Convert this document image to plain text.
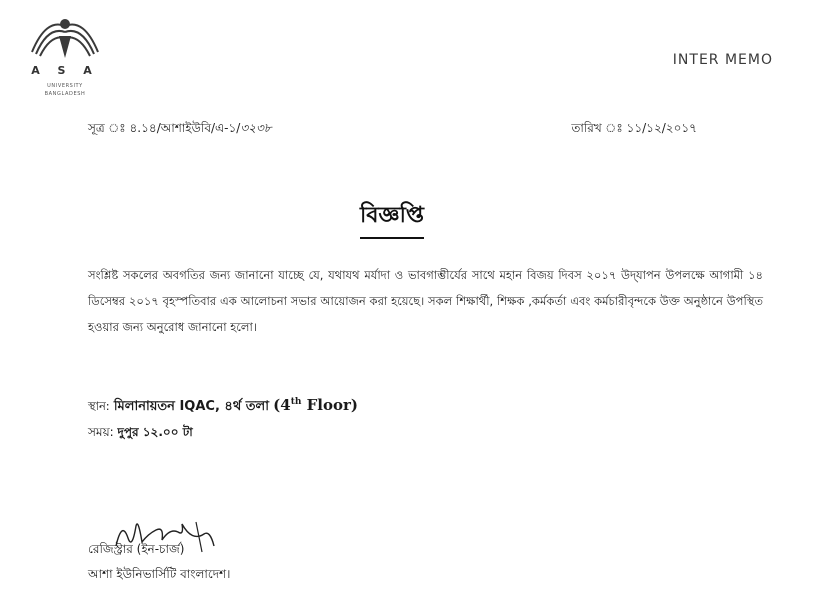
A S A
UNIVERSITY
BANGLADESH
INTER MEMO
সূত্র ঃ ৪.১৪/আশাইউবি/এ-১/৩২৩৮	তারিখ ঃ ১১/১২/২০১৭
বিজ্ঞপ্তি
সংশ্লিষ্ট সকলের অবগতির জন্য জানানো যাচ্ছে যে, যথাযথ মর্যাদা ও ভাবগাম্ভীর্যের সাথে মহান বিজয় দিবস ২০১৭ উদ্‌যাপন উপলক্ষে আগামী ১৪ ডিসেম্বর ২০১৭ বৃহস্পতিবার এক আলোচনা সভার আয়োজন করা হয়েছে। সকল শিক্ষার্থী, শিক্ষক ,কর্মকর্তা এবং কর্মচারীবৃন্দকে উক্ত অনুষ্ঠানে উপস্থিত হওয়ার জন্য অনুরোধ জানানো হলো।
স্থান: মিলানায়তন IQAC, ৪র্থ তলা (4th Floor)
সময়: দুপুর ১২.০০ টা
রেজিস্ট্রার (ইন-চার্জ)
আশা ইউনিভার্সিটি বাংলাদেশ।
